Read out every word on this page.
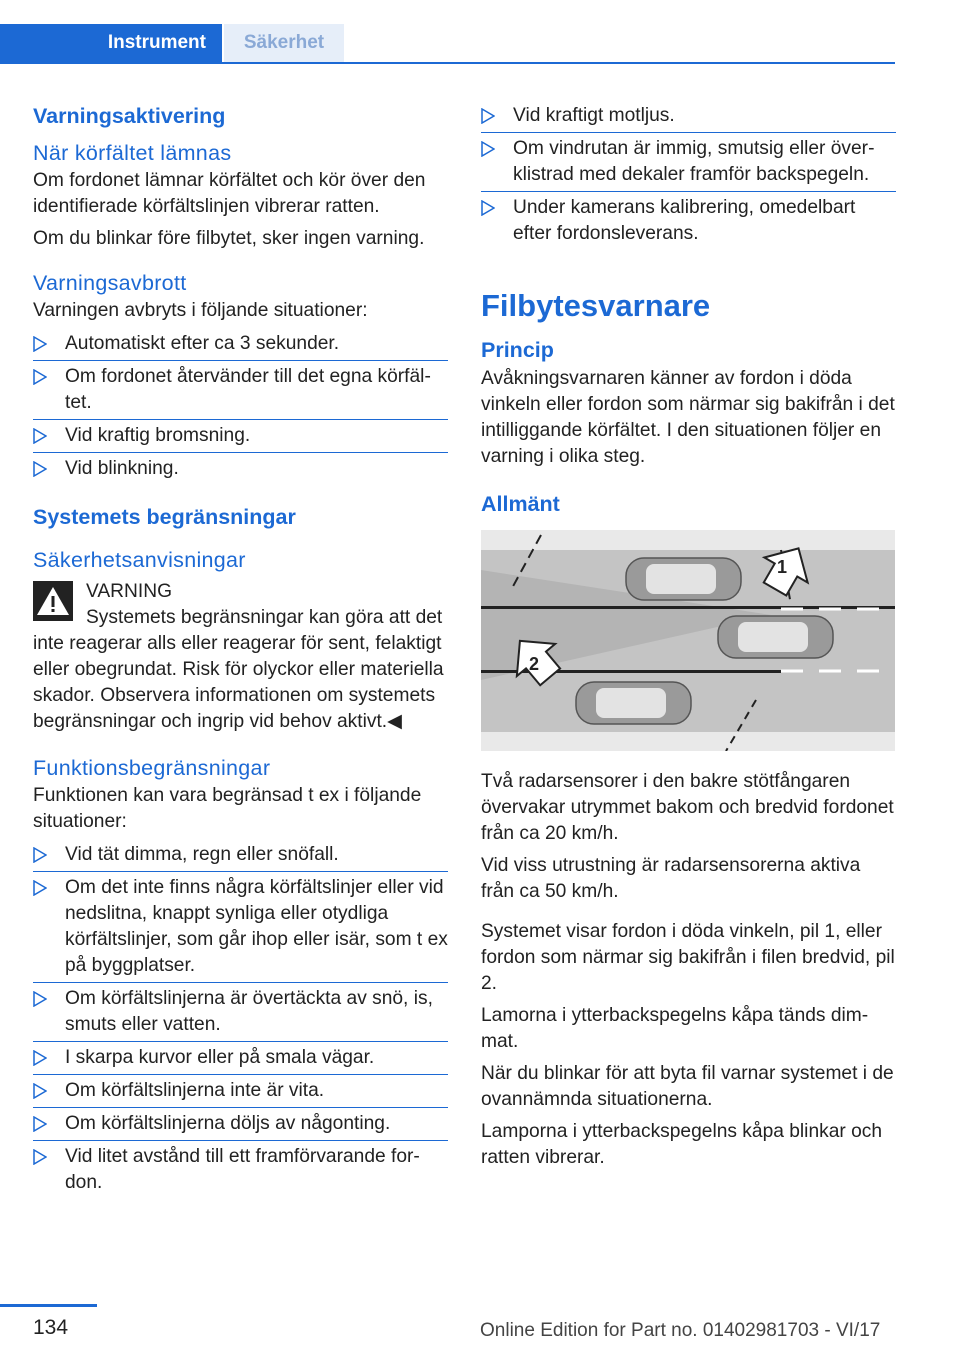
Instrument	Säkerhet
Varningsaktivering
När körfältet lämnas

Om fordonet lämnar körfältet och kör över den identifierade körfältslinjen vibrerar ratten.

Om du blinkar före filbytet, sker ingen varning.

Varningsavbrott

Varningen avbryts i följande situationer:

Automatiskt efter ca 3 sekunder.
Om fordonet återvänder till det egna körfältet.
Vid kraftig bromsning.
Vid blinkning.
Systemets begränsningar
Säkerhetsanvisningar

VARNING

Systemets begränsningar kan göra att det inte reagerar alls eller reagerar för sent, felaktigt eller obegrundat. Risk för olyckor eller materiella skador. Observera informationen om systemets begränsningar och ingrip vid behov aktivt.◀

Funktionsbegränsningar

Funktionen kan vara begränsad t ex i följande situationer:

Vid tät dimma, regn eller snöfall.
Om det inte finns några körfältslinjer eller vid nedslitna, knappt synliga eller otydliga körfältslinjer, som går ihop eller isär, som t ex på byggplatser.
Om körfältslinjerna är övertäckta av snö, is, smuts eller vatten.
I skarpa kurvor eller på smala vägar.
Om körfältslinjerna inte är vita.
Om körfältslinjerna döljs av någonting.
Vid litet avstånd till ett framförvarande fordon.
Vid kraftigt motljus.
Om vindrutan är immig, smutsig eller överklistrad med dekaler framför backspegeln.
Under kamerans kalibrering, omedelbart efter fordonsleverans.
Filbytesvarnare
Princip

Avåkningsvarnaren känner av fordon i döda vinkeln eller fordon som närmar sig bakifrån i det intilliggande körfältet. I den situationen följer en varning i olika steg.

Allmänt
1
2

Två radarsensorer i den bakre stötfångaren övervakar utrymmet bakom och bredvid fordonet från ca 20 km/h.

Vid viss utrustning är radarsensorerna aktiva från ca 50 km/h.

Systemet visar fordon i döda vinkeln, pil 1, eller fordon som närmar sig bakifrån i filen bredvid, pil 2.

Lamorna i ytterbackspegelns kåpa tänds dimmat.

När du blinkar för att byta fil varnar systemet i de ovannämnda situationerna.

Lamporna i ytterbackspegelns kåpa blinkar och ratten vibrerar.

134	Online Edition for Part no. 01402981703 - VI/17
